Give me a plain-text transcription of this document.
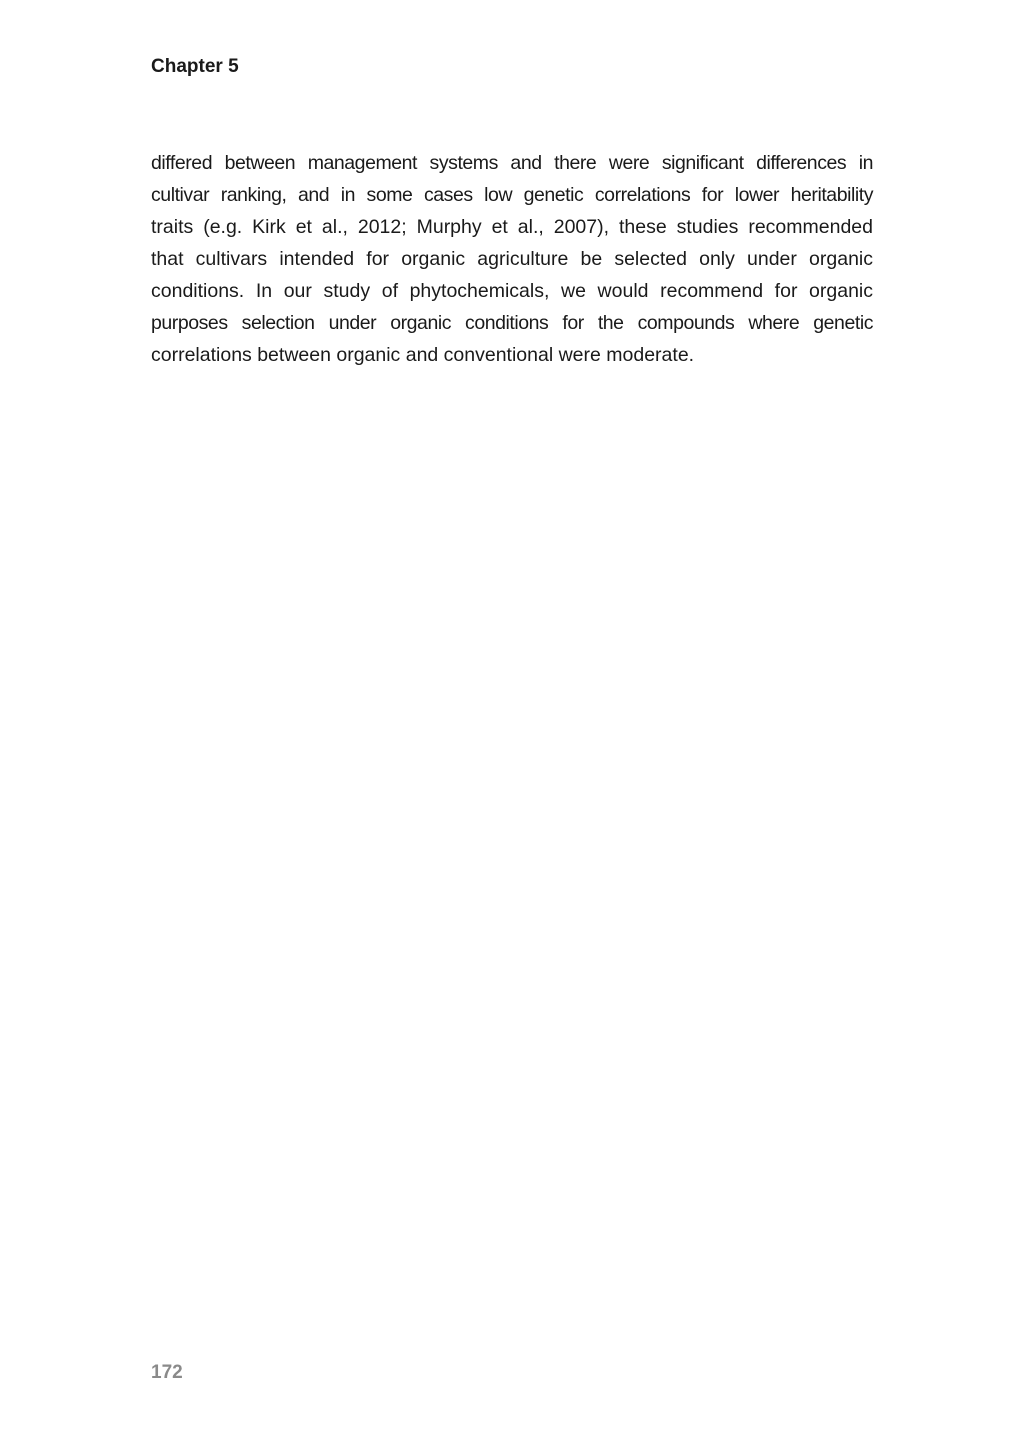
Chapter 5
differed between management systems and there were significant differences in
cultivar ranking, and in some cases low genetic correlations for lower heritability
traits (e.g. Kirk et al., 2012; Murphy et al., 2007), these studies recommended
that cultivars intended for organic agriculture be selected only under organic
conditions. In our study of phytochemicals, we would recommend for organic
purposes selection under organic conditions for the compounds where genetic
correlations between organic and conventional were moderate.
172
